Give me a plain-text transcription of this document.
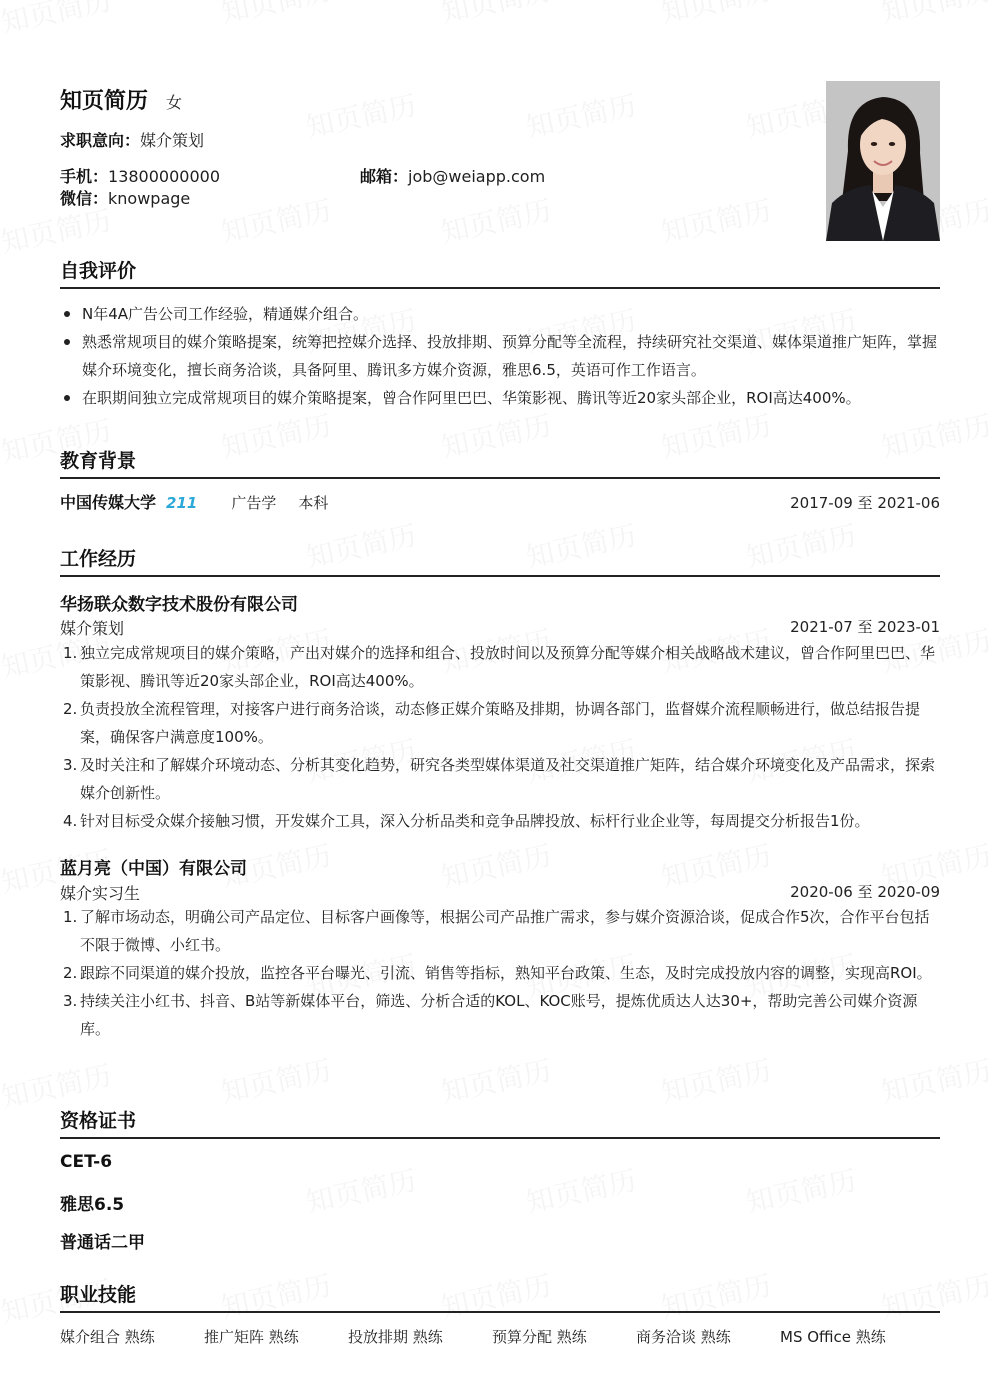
知页简历 女
求职意向：媒介策划
手机：13800000000	邮箱：job@weiapp.com
微信：knowpage
自我评价
N年4A广告公司工作经验，精通媒介组合。
熟悉常规项目的媒介策略提案，统筹把控媒介选择、投放排期、预算分配等全流程，持续研究社交渠道、媒体渠道推广矩阵，掌握媒介环境变化，擅长商务洽谈，具备阿里、腾讯多方媒介资源，雅思6.5，英语可作工作语言。
在职期间独立完成常规项目的媒介策略提案，曾合作阿里巴巴、华策影视、腾讯等近20家头部企业，ROI高达400%。
教育背景
中国传媒大学 211 广告学 本科	2017-09 至 2021-06
工作经历
华扬联众数字技术股份有限公司
媒介策划	2021-07 至 2023-01
1. 独立完成常规项目的媒介策略，产出对媒介的选择和组合、投放时间以及预算分配等媒介相关战略战术建议，曾合作阿里巴巴、华策影视、腾讯等近20家头部企业，ROI高达400%。
2. 负责投放全流程管理，对接客户进行商务洽谈，动态修正媒介策略及排期，协调各部门，监督媒介流程顺畅进行，做总结报告提案，确保客户满意度100%。
3. 及时关注和了解媒介环境动态、分析其变化趋势，研究各类型媒体渠道及社交渠道推广矩阵，结合媒介环境变化及产品需求，探索媒介创新性。
4. 针对目标受众媒介接触习惯，开发媒介工具，深入分析品类和竞争品牌投放、标杆行业企业等，每周提交分析报告1份。
蓝月亮（中国）有限公司
媒介实习生	2020-06 至 2020-09
1. 了解市场动态，明确公司产品定位、目标客户画像等，根据公司产品推广需求，参与媒介资源洽谈，促成合作5次，合作平台包括不限于微博、小红书。
2. 跟踪不同渠道的媒介投放，监控各平台曝光、引流、销售等指标，熟知平台政策、生态，及时完成投放内容的调整，实现高ROI。
3. 持续关注小红书、抖音、B站等新媒体平台，筛选、分析合适的KOL、KOC账号，提炼优质达人达30+，帮助完善公司媒介资源库。
资格证书
CET-6
雅思6.5
普通话二甲
职业技能
媒介组合 熟练	推广矩阵 熟练	投放排期 熟练	预算分配 熟练	商务洽谈 熟练	MS Office 熟练
